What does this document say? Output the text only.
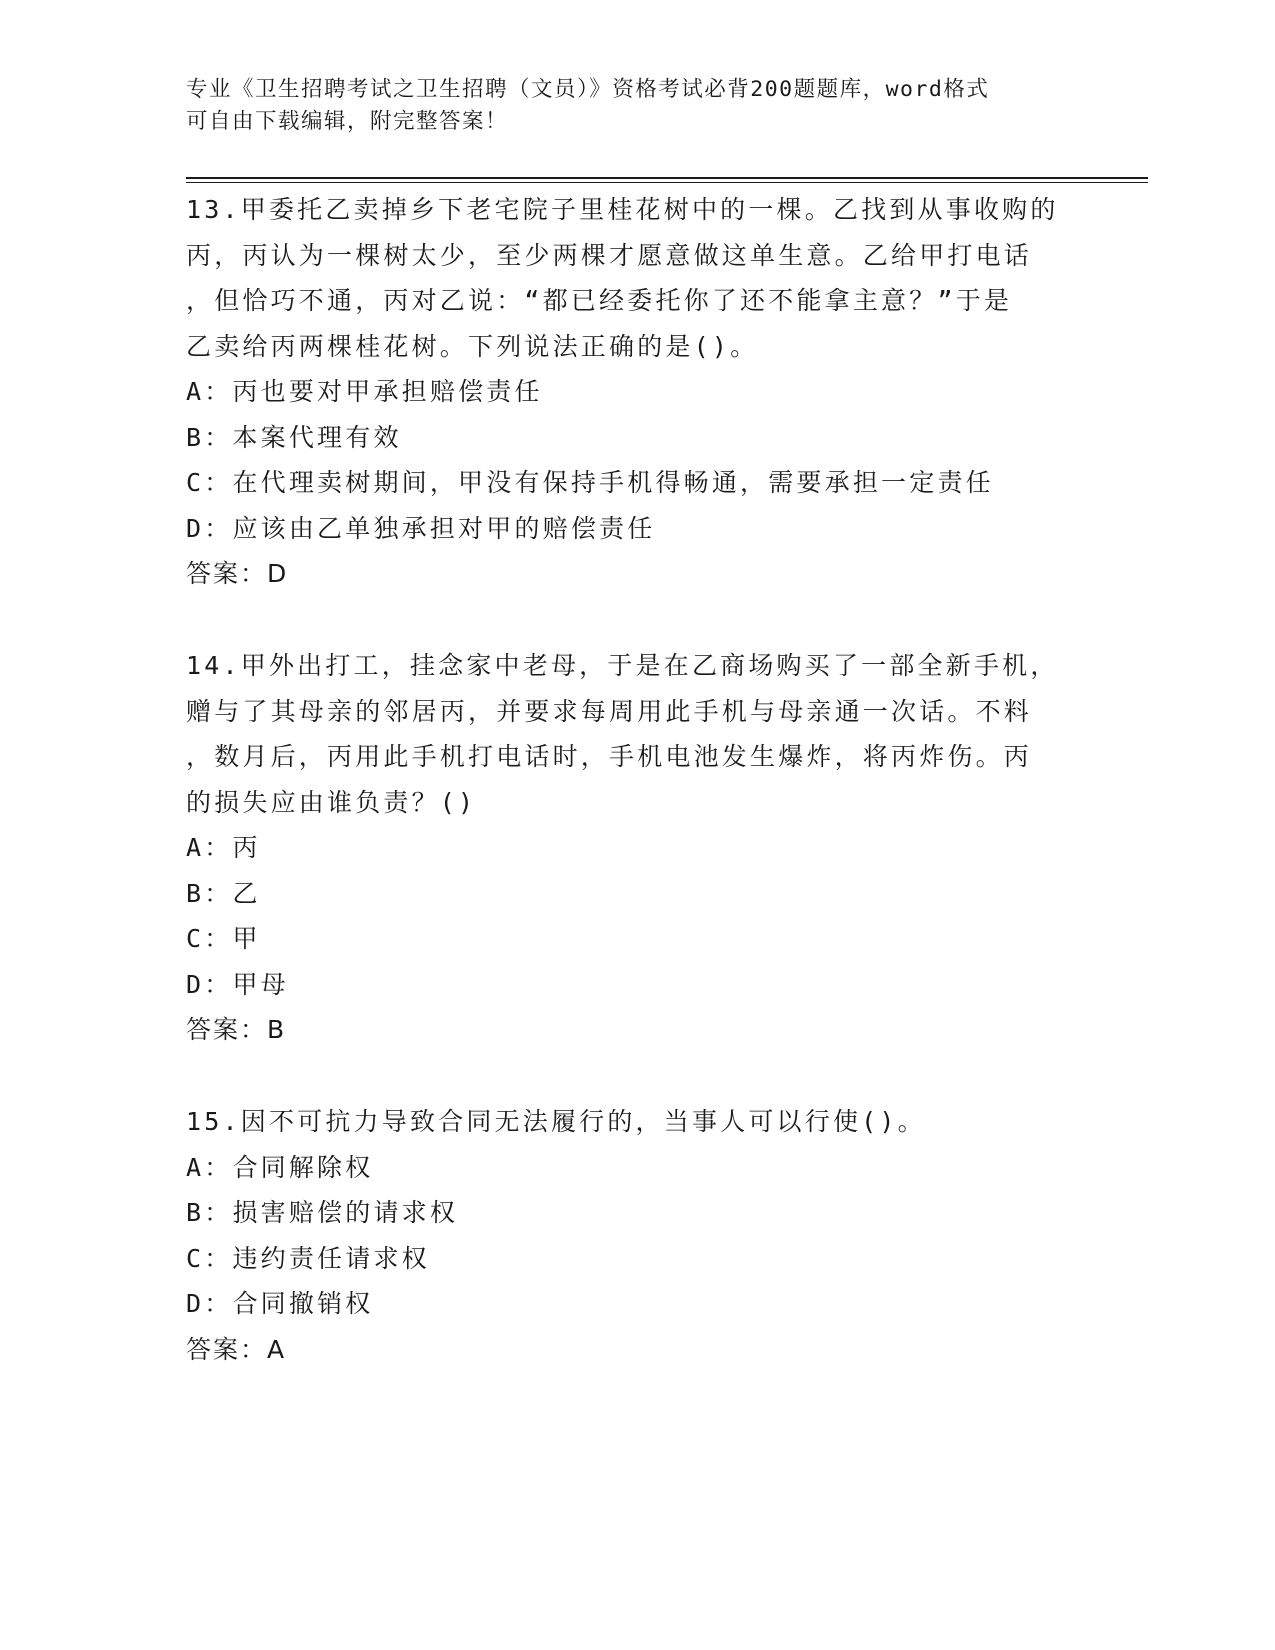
专业《卫生招聘考试之卫生招聘（文员）》资格考试必背200题题库，word格式
可自由下载编辑，附完整答案！

13.甲委托乙卖掉乡下老宅院子里桂花树中的一棵。乙找到从事收购的

丙，丙认为一棵树太少，至少两棵才愿意做这单生意。乙给甲打电话

，但恰巧不通，丙对乙说：“都已经委托你了还不能拿主意？”于是

乙卖给丙两棵桂花树。下列说法正确的是()。

A：丙也要对甲承担赔偿责任

B：本案代理有效

C：在代理卖树期间，甲没有保持手机得畅通，需要承担一定责任

D：应该由乙单独承担对甲的赔偿责任

答案：D

14.甲外出打工，挂念家中老母，于是在乙商场购买了一部全新手机，

赠与了其母亲的邻居丙，并要求每周用此手机与母亲通一次话。不料

，数月后，丙用此手机打电话时，手机电池发生爆炸，将丙炸伤。丙

的损失应由谁负责？()

A：丙

B：乙

C：甲

D：甲母

答案：B

15.因不可抗力导致合同无法履行的，当事人可以行使()。

A：合同解除权

B：损害赔偿的请求权

C：违约责任请求权

D：合同撤销权

答案：A
